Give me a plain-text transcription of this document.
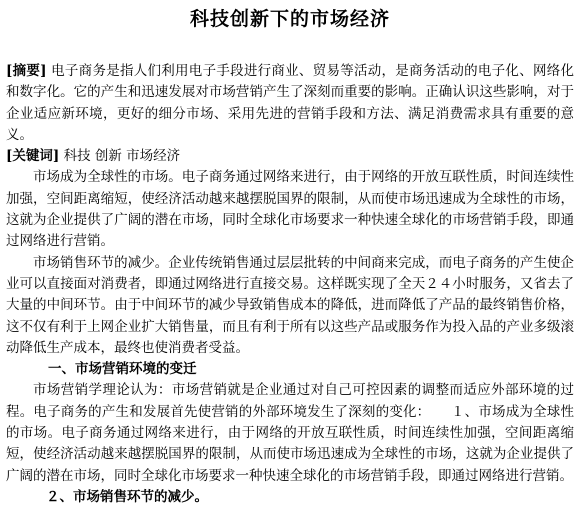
科技创新下的市场经济

[摘要] 电子商务是指人们利用电子手段进行商业、贸易等活动，是商务活动的电子化、网络化和数字化。它的产生和迅速发展对市场营销产生了深刻而重要的影响。正确认识这些影响，对于企业适应新环境，更好的细分市场、采用先进的营销手段和方法、满足消费需求具有重要的意义。

[关键词] 科技 创新 市场经济

市场成为全球性的市场。电子商务通过网络来进行，由于网络的开放互联性质，时间连续性加强，空间距离缩短，使经济活动越来越摆脱国界的限制，从而使市场迅速成为全球性的市场，这就为企业提供了广阔的潜在市场，同时全球化市场要求一种快速全球化的市场营销手段，即通过网络进行营销。

市场销售环节的减少。企业传统销售通过层层批转的中间商来完成，而电子商务的产生使企业可以直接面对消费者，即通过网络进行直接交易。这样既实现了全天２４小时服务，又省去了大量的中间环节。由于中间环节的减少导致销售成本的降低，进而降低了产品的最终销售价格，这不仅有利于上网企业扩大销售量，而且有利于所有以这些产品或服务作为投入品的产业多级滚动降低生产成本，最终也使消费者受益。

一、市场营销环境的变迁

市场营销学理论认为：市场营销就是企业通过对自己可控因素的调整而适应外部环境的过程。电子商务的产生和发展首先使营销的外部环境发生了深刻的变化：　　１、市场成为全球性的市场。电子商务通过网络来进行，由于网络的开放互联性质，时间连续性加强，空间距离缩短，使经济活动越来越摆脱国界的限制，从而使市场迅速成为全球性的市场，这就为企业提供了广阔的潜在市场，同时全球化市场要求一种快速全球化的市场营销手段，即通过网络进行营销。

２、市场销售环节的减少。
